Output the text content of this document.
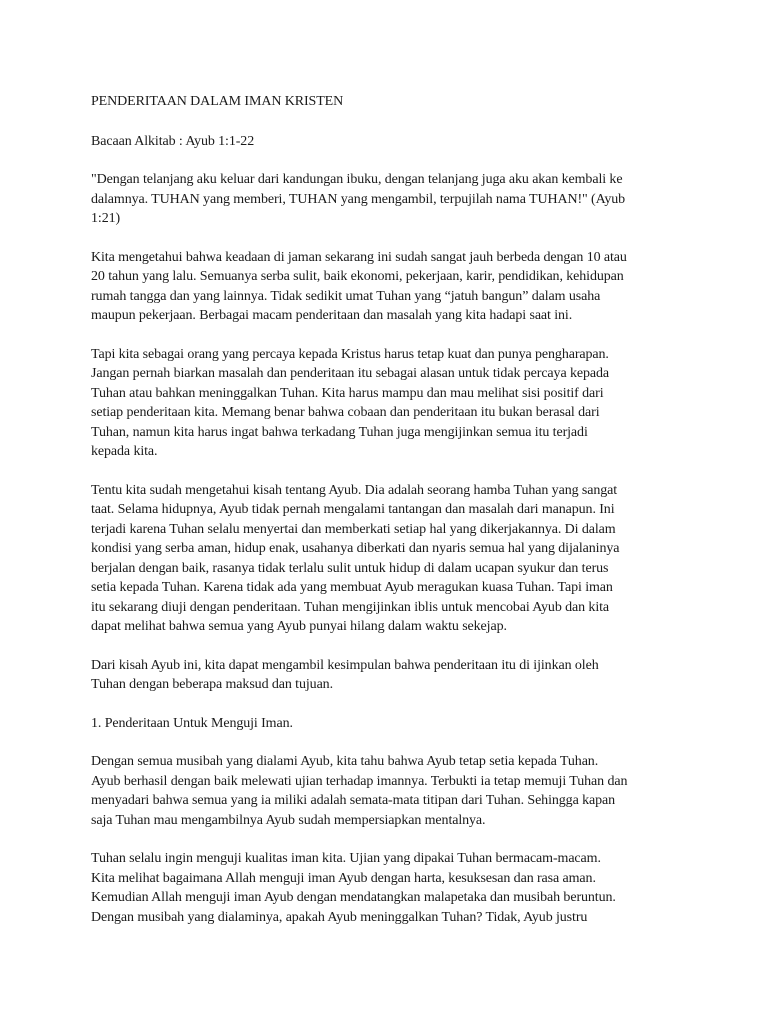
PENDERITAAN DALAM IMAN KRISTEN

Bacaan Alkitab : Ayub 1:1-22

"Dengan telanjang aku keluar dari kandungan ibuku, dengan telanjang juga aku akan kembali ke
dalamnya. TUHAN yang memberi, TUHAN yang mengambil, terpujilah nama TUHAN!" (Ayub
1:21)

Kita mengetahui bahwa keadaan di jaman sekarang ini sudah sangat jauh berbeda dengan 10 atau
20 tahun yang lalu. Semuanya serba sulit, baik ekonomi, pekerjaan, karir, pendidikan, kehidupan
rumah tangga dan yang lainnya. Tidak sedikit umat Tuhan yang “jatuh bangun” dalam usaha
maupun pekerjaan. Berbagai macam penderitaan dan masalah yang kita hadapi saat ini.

Tapi kita sebagai orang yang percaya kepada Kristus harus tetap kuat dan punya pengharapan.
Jangan pernah biarkan masalah dan penderitaan itu sebagai alasan untuk tidak percaya kepada
Tuhan atau bahkan meninggalkan Tuhan. Kita harus mampu dan mau melihat sisi positif dari
setiap penderitaan kita. Memang benar bahwa cobaan dan penderitaan itu bukan berasal dari
Tuhan, namun kita harus ingat bahwa terkadang Tuhan juga mengijinkan semua itu terjadi
kepada kita.

Tentu kita sudah mengetahui kisah tentang Ayub. Dia adalah seorang hamba Tuhan yang sangat
taat. Selama hidupnya, Ayub tidak pernah mengalami tantangan dan masalah dari manapun. Ini
terjadi karena Tuhan selalu menyertai dan memberkati setiap hal yang dikerjakannya. Di dalam
kondisi yang serba aman, hidup enak, usahanya diberkati dan nyaris semua hal yang dijalaninya
berjalan dengan baik, rasanya tidak terlalu sulit untuk hidup di dalam ucapan syukur dan terus
setia kepada Tuhan. Karena tidak ada yang membuat Ayub meragukan kuasa Tuhan. Tapi iman
itu sekarang diuji dengan penderitaan. Tuhan mengijinkan iblis untuk mencobai Ayub dan kita
dapat melihat bahwa semua yang Ayub punyai hilang dalam waktu sekejap.

Dari kisah Ayub ini, kita dapat mengambil kesimpulan bahwa penderitaan itu di ijinkan oleh
Tuhan dengan beberapa maksud dan tujuan.

1. Penderitaan Untuk Menguji Iman.

Dengan semua musibah yang dialami Ayub, kita tahu bahwa Ayub tetap setia kepada Tuhan.
Ayub berhasil dengan baik melewati ujian terhadap imannya. Terbukti ia tetap memuji Tuhan dan
menyadari bahwa semua yang ia miliki adalah semata-mata titipan dari Tuhan. Sehingga kapan
saja Tuhan mau mengambilnya Ayub sudah mempersiapkan mentalnya.

Tuhan selalu ingin menguji kualitas iman kita. Ujian yang dipakai Tuhan bermacam-macam.
Kita melihat bagaimana Allah menguji iman Ayub dengan harta, kesuksesan dan rasa aman.
Kemudian Allah menguji iman Ayub dengan mendatangkan malapetaka dan musibah beruntun.
Dengan musibah yang dialaminya, apakah Ayub meninggalkan Tuhan? Tidak, Ayub justru
